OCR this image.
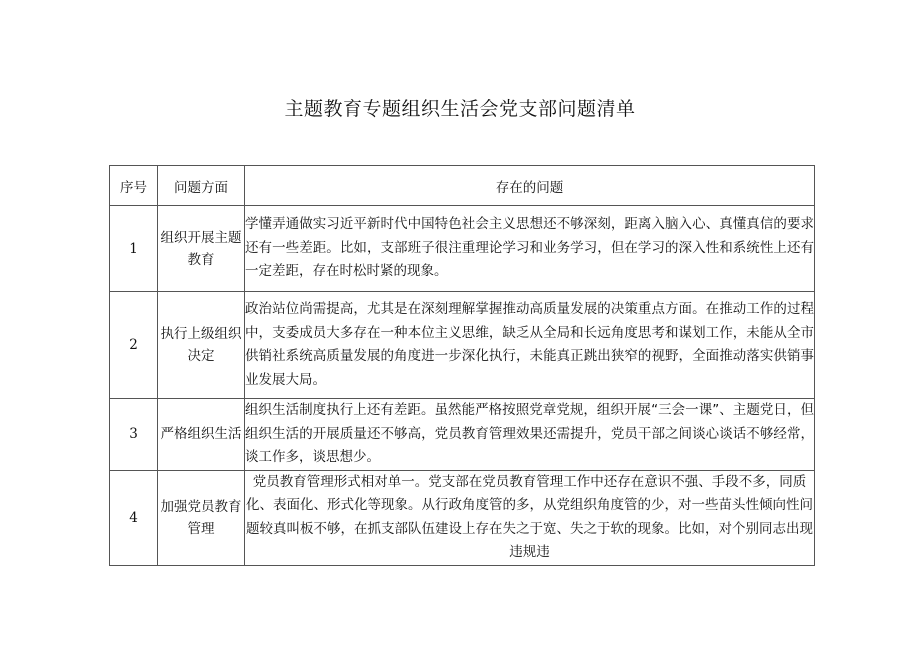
主题教育专题组织生活会党支部问题清单
序号	问题方面	存在的问题
1	组织开展主题教育	学懂弄通做实习近平新时代中国特色社会主义思想还不够深刻，距离入脑入心、真懂真信的要求还有一些差距。比如，支部班子很注重理论学习和业务学习，但在学习的深入性和系统性上还有一定差距，存在时松时紧的现象。
2	执行上级组织决定	政治站位尚需提高，尤其是在深刻理解掌握推动高质量发展的决策重点方面。在推动工作的过程中，支委成员大多存在一种本位主义思维，缺乏从全局和长远角度思考和谋划工作，未能从全市供销社系统高质量发展的角度进一步深化执行，未能真正跳出狭窄的视野，全面推动落实供销事业发展大局。
3	严格组织生活	组织生活制度执行上还有差距。虽然能严格按照党章党规，组织开展“三会一课”、主题党日，但组织生活的开展质量还不够高，党员教育管理效果还需提升，党员干部之间谈心谈话不够经常，谈工作多，谈思想少。
4	加强党员教育管理	党员教育管理形式相对单一。党支部在党员教育管理工作中还存在意识不强、手段不多，同质化、表面化、形式化等现象。从行政角度管的多，从党组织角度管的少，对一些苗头性倾向性问题较真叫板不够，在抓支部队伍建设上存在失之于宽、失之于软的现象。比如，对个别同志出现违规违
